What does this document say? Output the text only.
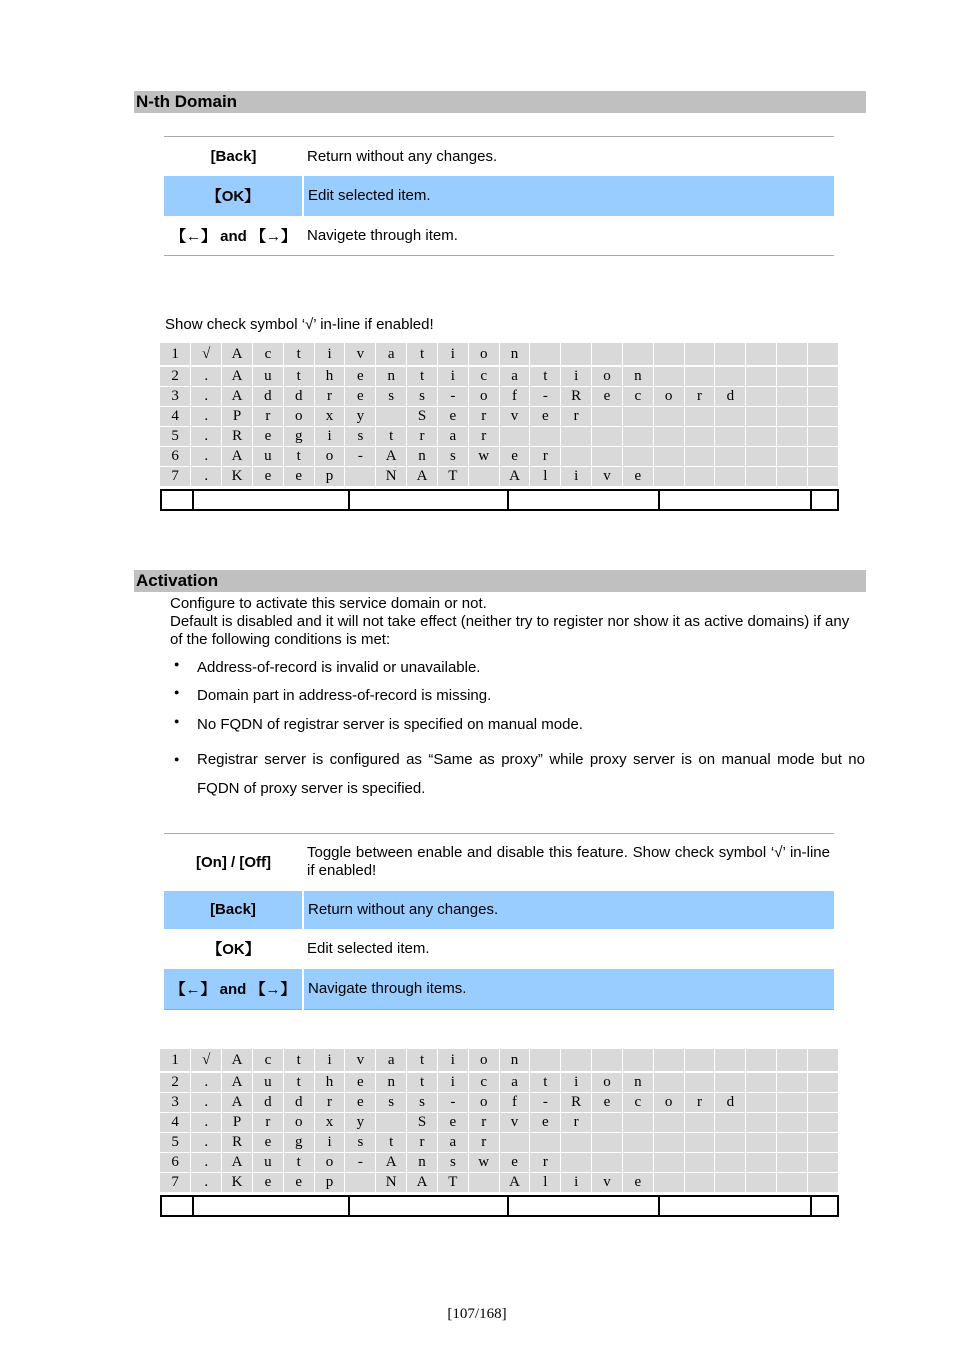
N-th Domain
[Back]	Return without any changes.
【OK】	Edit selected item.
【←】 and 【→】	Navigete through item.
Show check symbol ‘√’ in-line if enabled!
1	√	A	c	t	i	v	a	t	i	o	n										
2	.	A	u	t	h	e	n	t	i	c	a	t	i	o	n						
3	.	A	d	d	r	e	s	s	-	o	f	-	R	e	c	o	r	d			
4	.	P	r	o	x	y		S	e	r	v	e	r								
5	.	R	e	g	i	s	t	r	a	r											
6	.	A	u	t	o	-	A	n	s	w	e	r									
7	.	K	e	e	p		N	A	T		A	l	i	v	e						
Activation
Configure to activate this service domain or not.
Default is disabled and it will not take effect (neither try to register nor show it as active domains) if any of the following conditions is met:
● Address-of-record is invalid or unavailable.
● Domain part in address-of-record is missing.
● No FQDN of registrar server is specified on manual mode.
● Registrar server is configured as “Same as proxy” while proxy server is on manual mode but no FQDN of proxy server is specified.
[On] / [Off]	Toggle between enable and disable this feature. Show check symbol ‘√’ in-line if enabled!
[Back]	Return without any changes.
【OK】	Edit selected item.
【←】 and 【→】	Navigate through items.
1	√	A	c	t	i	v	a	t	i	o	n										
2	.	A	u	t	h	e	n	t	i	c	a	t	i	o	n						
3	.	A	d	d	r	e	s	s	-	o	f	-	R	e	c	o	r	d			
4	.	P	r	o	x	y		S	e	r	v	e	r								
5	.	R	e	g	i	s	t	r	a	r											
6	.	A	u	t	o	-	A	n	s	w	e	r									
7	.	K	e	e	p		N	A	T		A	l	i	v	e						
[107/168]
